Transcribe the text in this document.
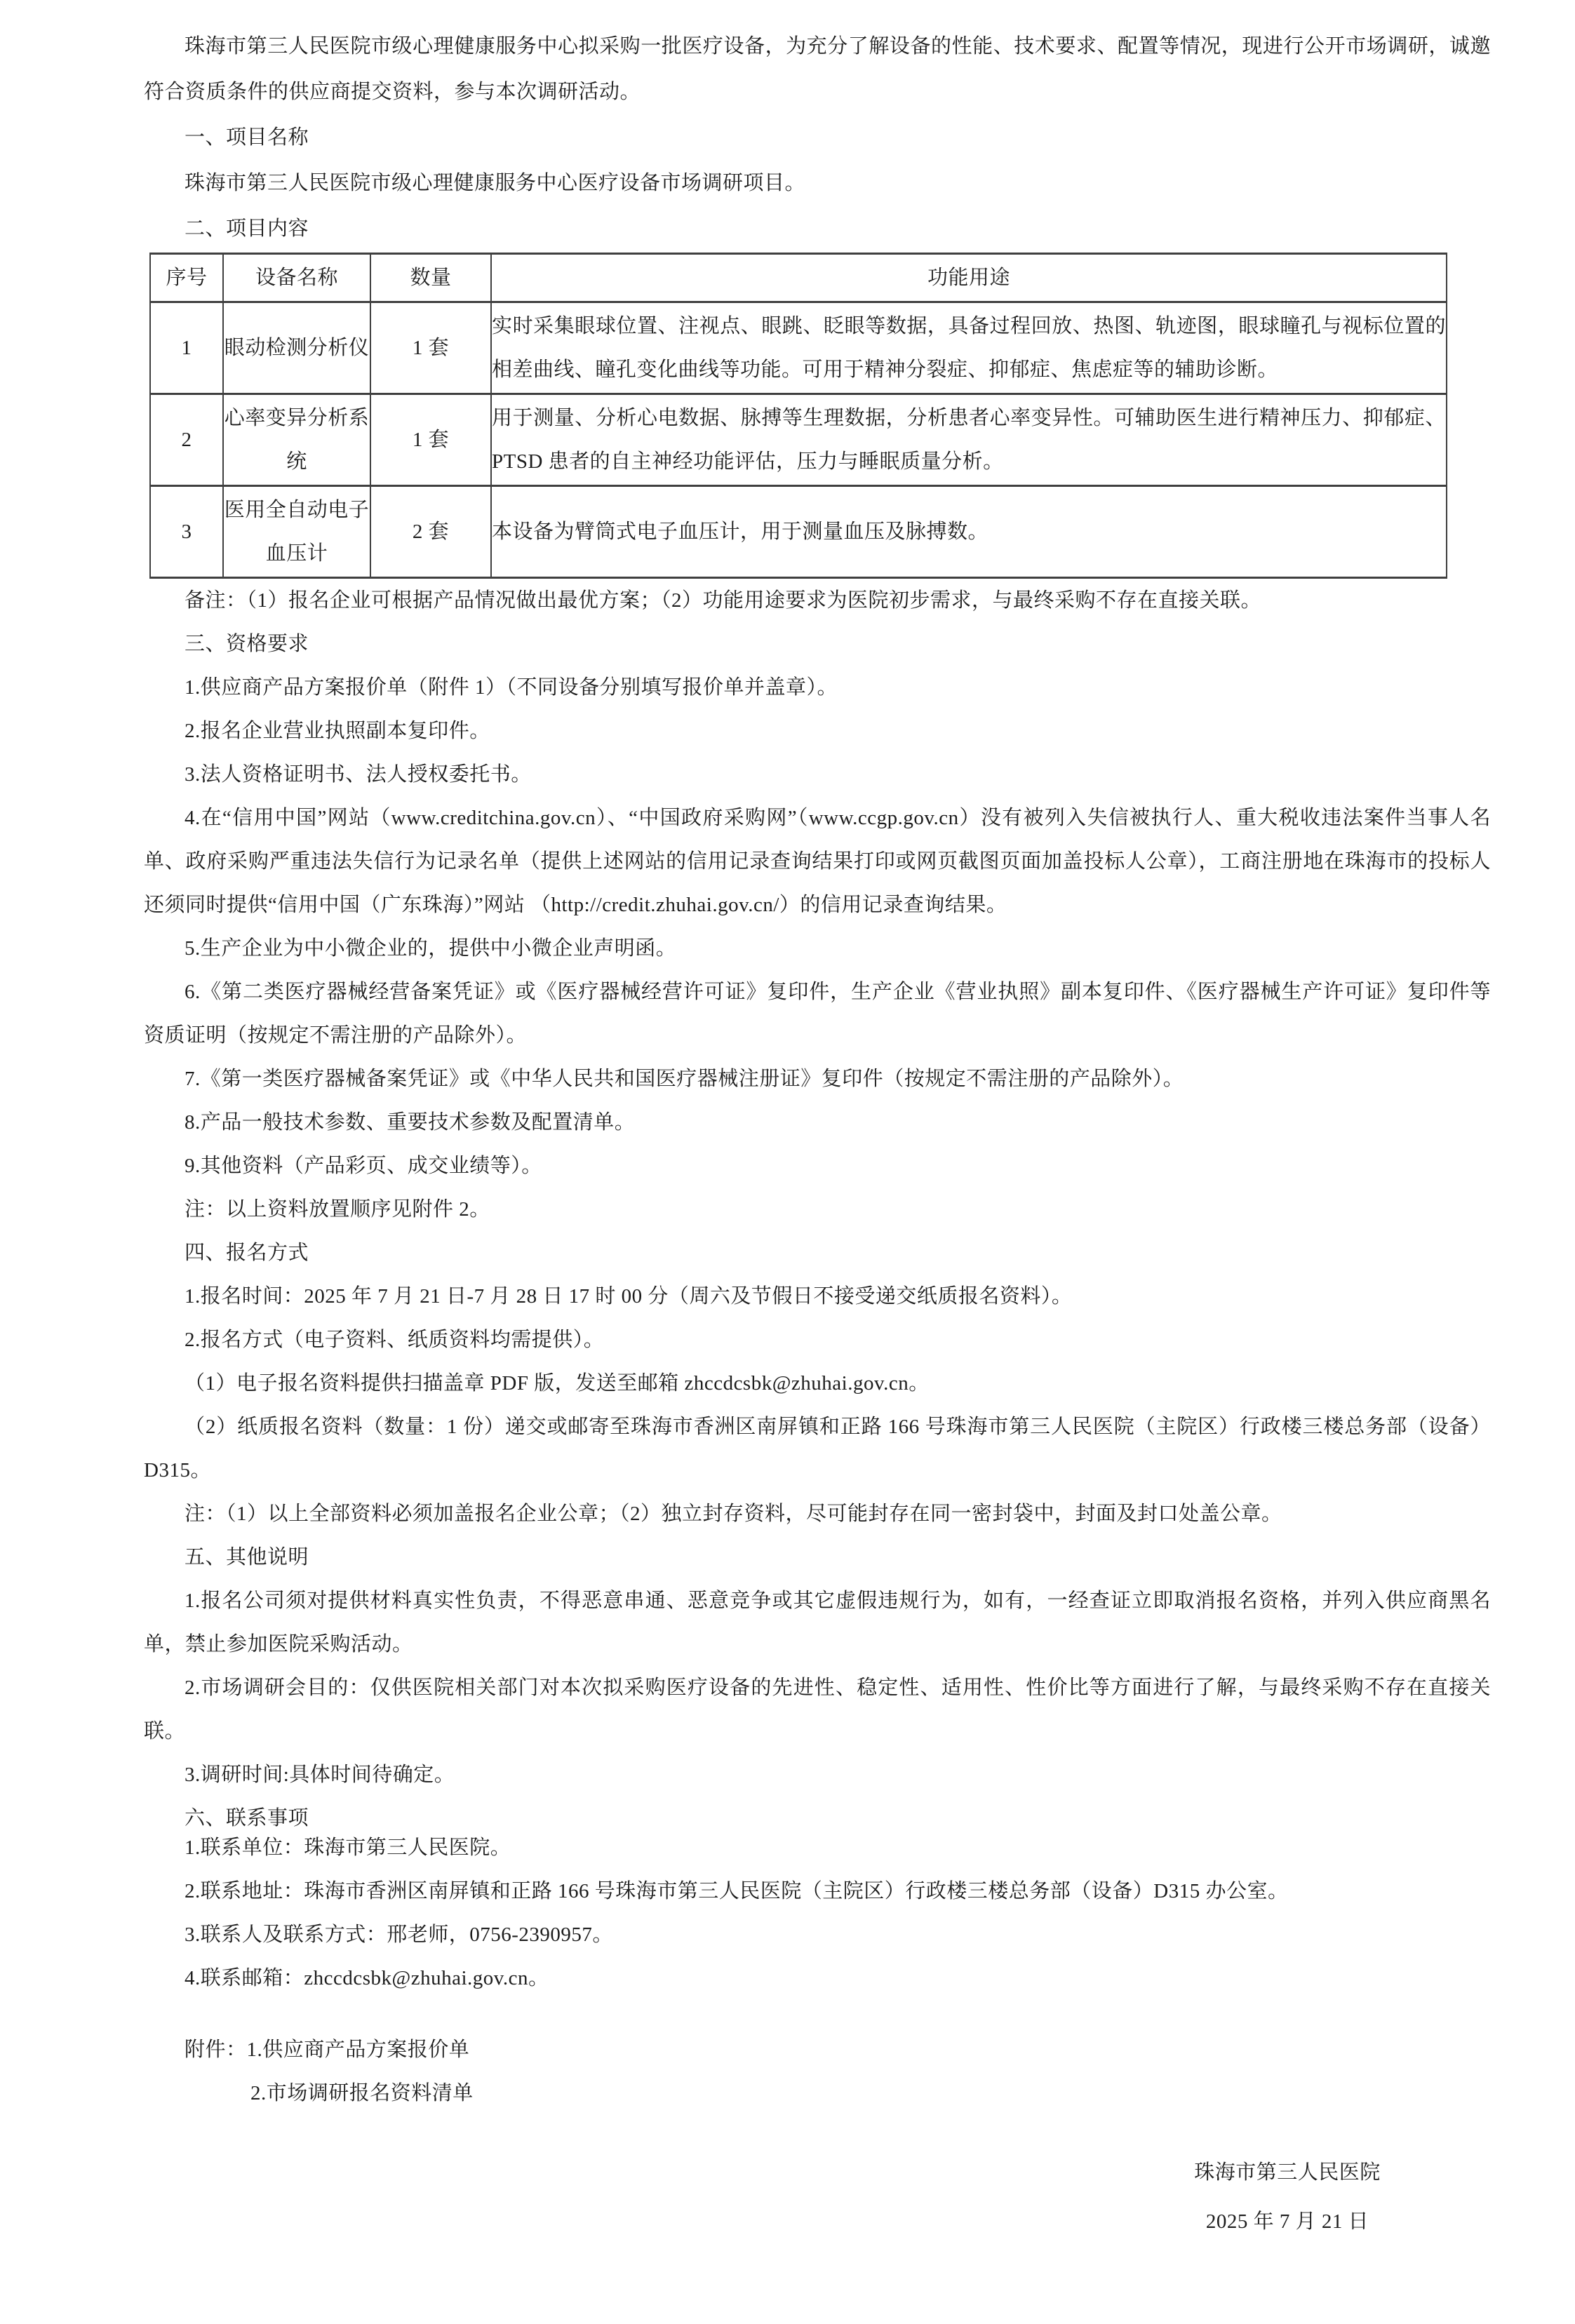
珠海市第三人民医院市级心理健康服务中心拟采购一批医疗设备，为充分了解设备的性能、技术要求、配置等情况，现进行公开市场调研，诚邀符合资质条件的供应商提交资料，参与本次调研活动。

一、项目名称

珠海市第三人民医院市级心理健康服务中心医疗设备市场调研项目。

二、项目内容

序号	设备名称	数量	功能用途
1	眼动检测分析仪	1 套	实时采集眼球位置、注视点、眼跳、眨眼等数据，具备过程回放、热图、轨迹图，眼球瞳孔与视标位置的相差曲线、瞳孔变化曲线等功能。可用于精神分裂症、抑郁症、焦虑症等的辅助诊断。
2	心率变异分析系统	1 套	用于测量、分析心电数据、脉搏等生理数据，分析患者心率变异性。可辅助医生进行精神压力、抑郁症、PTSD 患者的自主神经功能评估，压力与睡眠质量分析。
3	医用全自动电子血压计	2 套	本设备为臂筒式电子血压计，用于测量血压及脉搏数。

备注：（1）报名企业可根据产品情况做出最优方案；（2）功能用途要求为医院初步需求，与最终采购不存在直接关联。

三、资格要求

1.供应商产品方案报价单（附件 1）（不同设备分别填写报价单并盖章）。

2.报名企业营业执照副本复印件。

3.法人资格证明书、法人授权委托书。

4.在“信用中国”网站（www.creditchina.gov.cn）、“中国政府采购网”（www.ccgp.gov.cn）没有被列入失信被执行人、重大税收违法案件当事人名单、政府采购严重违法失信行为记录名单（提供上述网站的信用记录查询结果打印或网页截图页面加盖投标人公章），工商注册地在珠海市的投标人还须同时提供“信用中国（广东珠海）”网站 （http://credit.zhuhai.gov.cn/）的信用记录查询结果。

5.生产企业为中小微企业的，提供中小微企业声明函。

6.《第二类医疗器械经营备案凭证》或《医疗器械经营许可证》复印件，生产企业《营业执照》副本复印件、《医疗器械生产许可证》复印件等资质证明（按规定不需注册的产品除外）。

7.《第一类医疗器械备案凭证》或《中华人民共和国医疗器械注册证》复印件（按规定不需注册的产品除外）。

8.产品一般技术参数、重要技术参数及配置清单。

9.其他资料（产品彩页、成交业绩等）。

注：以上资料放置顺序见附件 2。

四、报名方式

1.报名时间：2025 年 7 月 21 日-7 月 28 日 17 时 00 分（周六及节假日不接受递交纸质报名资料）。

2.报名方式（电子资料、纸质资料均需提供）。

（1）电子报名资料提供扫描盖章 PDF 版，发送至邮箱 zhccdcsbk@zhuhai.gov.cn。

（2）纸质报名资料（数量：1 份）递交或邮寄至珠海市香洲区南屏镇和正路 166 号珠海市第三人民医院（主院区）行政楼三楼总务部（设备）D315。

注：（1）以上全部资料必须加盖报名企业公章；（2）独立封存资料，尽可能封存在同一密封袋中，封面及封口处盖公章。

五、其他说明

1.报名公司须对提供材料真实性负责，不得恶意串通、恶意竞争或其它虚假违规行为，如有，一经查证立即取消报名资格，并列入供应商黑名单，禁止参加医院采购活动。

2.市场调研会目的：仅供医院相关部门对本次拟采购医疗设备的先进性、稳定性、适用性、性价比等方面进行了解，与最终采购不存在直接关联。

3.调研时间:具体时间待确定。

六、联系事项

1.联系单位：珠海市第三人民医院。

2.联系地址：珠海市香洲区南屏镇和正路 166 号珠海市第三人民医院（主院区）行政楼三楼总务部（设备）D315 办公室。

3.联系人及联系方式：邢老师，0756-2390957。

4.联系邮箱：zhccdcsbk@zhuhai.gov.cn。

附件：1.供应商产品方案报价单

2.市场调研报名资料清单

珠海市第三人民医院

2025 年 7 月 21 日
